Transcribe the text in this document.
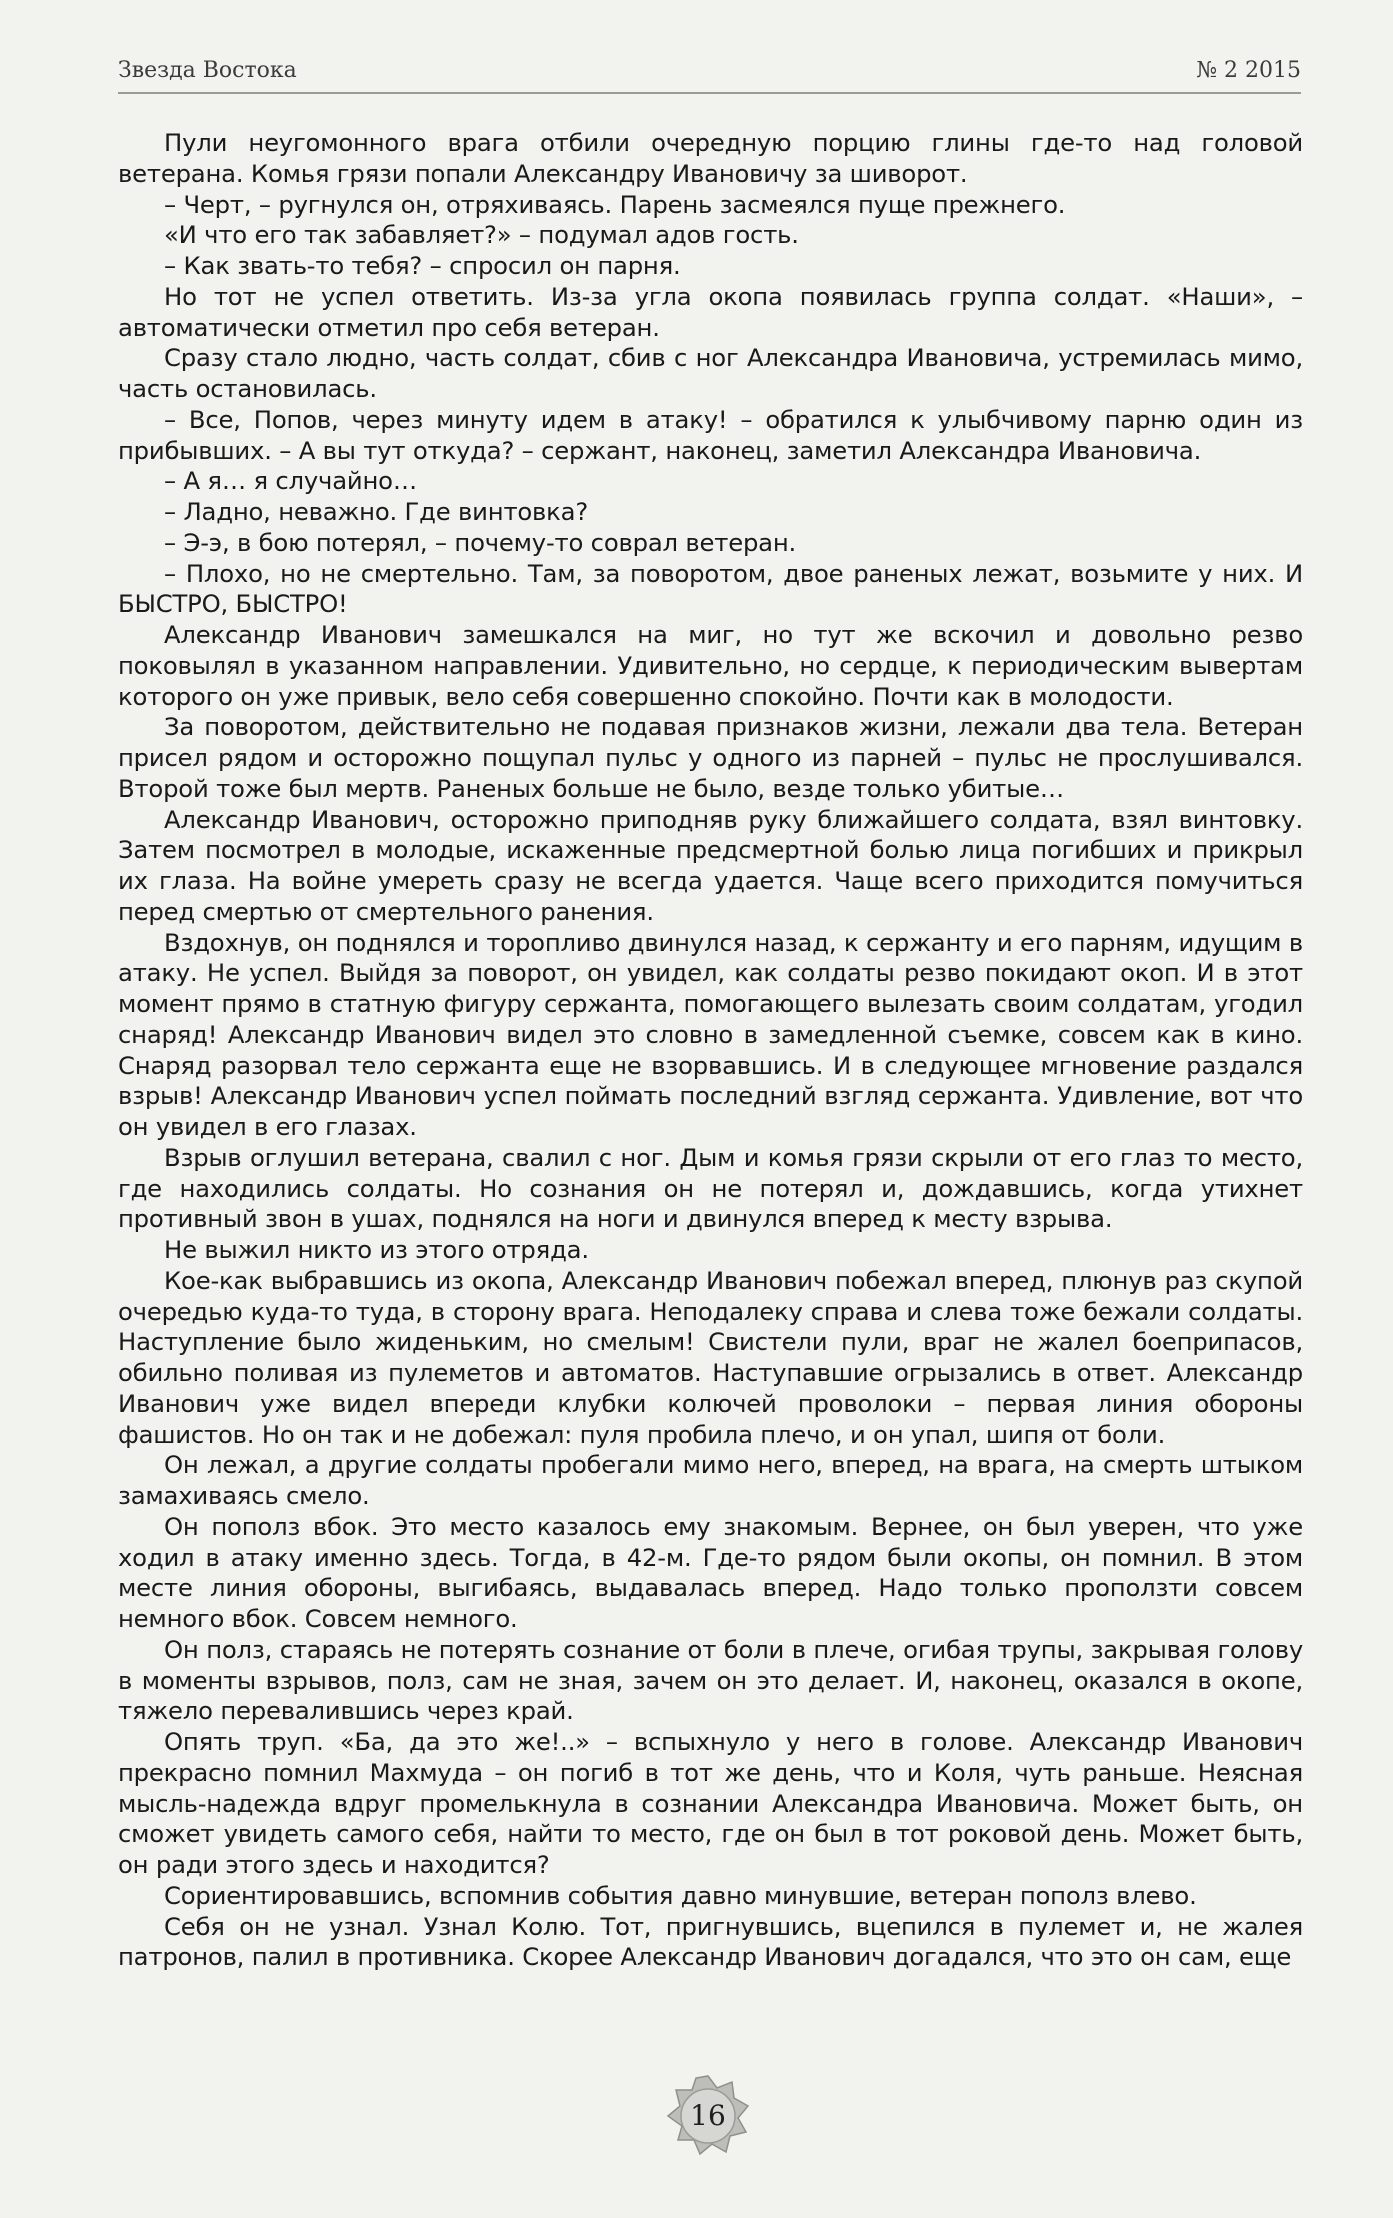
Звезда Востока	№ 2 2015

Пули неугомонного врага отбили очередную порцию глины где-то над головой ветерана. Комья грязи попали Александру Ивановичу за шиворот.

– Черт, – ругнулся он, отряхиваясь. Парень засмеялся пуще прежнего.

«И что его так забавляет?» – подумал адов гость.

– Как звать-то тебя? – спросил он парня.

Но тот не успел ответить. Из-за угла окопа появилась группа солдат. «Наши», – автоматически отметил про себя ветеран.

Сразу стало людно, часть солдат, сбив с ног Александра Ивановича, устремилась мимо, часть остановилась.

– Все, Попов, через минуту идем в атаку! – обратился к улыбчивому парню один из прибывших. – А вы тут откуда? – сержант, наконец, заметил Александра Ивановича.

– А я… я случайно…

– Ладно, неважно. Где винтовка?

– Э-э, в бою потерял, – почему-то соврал ветеран.

– Плохо, но не смертельно. Там, за поворотом, двое раненых лежат, возьмите у них. И БЫСТРО, БЫСТРО!

Александр Иванович замешкался на миг, но тут же вскочил и довольно резво поковылял в указанном направлении. Удивительно, но сердце, к периодическим вывертам которого он уже привык, вело себя совершенно спокойно. Почти как в молодости.

За поворотом, действительно не подавая признаков жизни, лежали два тела. Ветеран присел рядом и осторожно пощупал пульс у одного из парней – пульс не прослушивался. Второй тоже был мертв. Раненых больше не было, везде только убитые…

Александр Иванович, осторожно приподняв руку ближайшего солдата, взял винтовку. Затем посмотрел в молодые, искаженные предсмертной болью лица погибших и прикрыл их глаза. На войне умереть сразу не всегда удается. Чаще всего приходится помучиться перед смертью от смертельного ранения.

Вздохнув, он поднялся и торопливо двинулся назад, к сержанту и его парням, идущим в атаку. Не успел. Выйдя за поворот, он увидел, как солдаты резво покидают окоп. И в этот момент прямо в статную фигуру сержанта, помогающего вылезать своим солдатам, угодил снаряд! Александр Иванович видел это словно в замедленной съемке, совсем как в кино. Снаряд разорвал тело сержанта еще не взорвавшись. И в следующее мгновение раздался взрыв! Александр Иванович успел поймать последний взгляд сержанта. Удивление, вот что он увидел в его глазах.

Взрыв оглушил ветерана, свалил с ног. Дым и комья грязи скрыли от его глаз то место, где находились солдаты. Но сознания он не потерял и, дождавшись, когда утихнет противный звон в ушах, поднялся на ноги и двинулся вперед к месту взрыва.

Не выжил никто из этого отряда.

Кое-как выбравшись из окопа, Александр Иванович побежал вперед, плюнув раз скупой очередью куда-то туда, в сторону врага. Неподалеку справа и слева тоже бежали солдаты. Наступление было жиденьким, но смелым! Свистели пули, враг не жалел боеприпасов, обильно поливая из пулеметов и автоматов. Наступавшие огрызались в ответ. Александр Иванович уже видел впереди клубки колючей проволоки – первая линия обороны фашистов. Но он так и не добежал: пуля пробила плечо, и он упал, шипя от боли.

Он лежал, а другие солдаты пробегали мимо него, вперед, на врага, на смерть штыком замахиваясь смело.

Он пополз вбок. Это место казалось ему знакомым. Вернее, он был уверен, что уже ходил в атаку именно здесь. Тогда, в 42-м. Где-то рядом были окопы, он помнил. В этом месте линия обороны, выгибаясь, выдавалась вперед. Надо только проползти совсем немного вбок. Совсем немного.

Он полз, стараясь не потерять сознание от боли в плече, огибая трупы, закрывая голову в моменты взрывов, полз, сам не зная, зачем он это делает. И, наконец, оказался в окопе, тяжело перевалившись через край.

Опять труп. «Ба, да это же!..» – вспыхнуло у него в голове. Александр Иванович прекрасно помнил Махмуда – он погиб в тот же день, что и Коля, чуть раньше. Неясная мысль-надежда вдруг промелькнула в сознании Александра Ивановича. Может быть, он сможет увидеть самого себя, найти то место, где он был в тот роковой день. Может быть, он ради этого здесь и находится?

Сориентировавшись, вспомнив события давно минувшие, ветеран пополз влево.

Себя он не узнал. Узнал Колю. Тот, пригнувшись, вцепился в пулемет и, не жалея патронов, палил в противника. Скорее Александр Иванович догадался, что это он сам, еще

16
